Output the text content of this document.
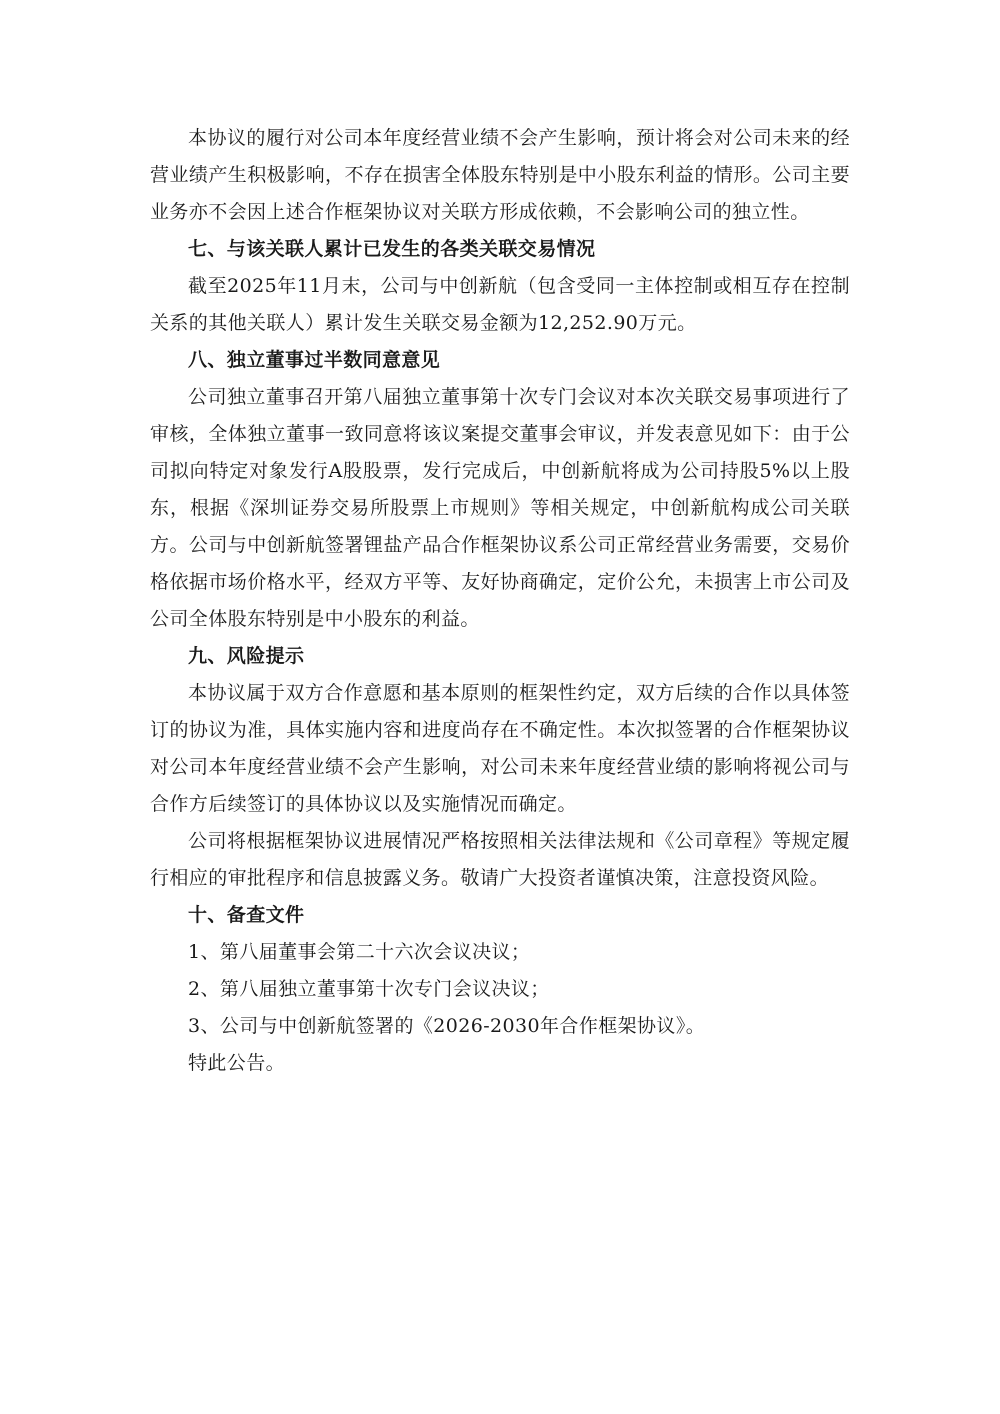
本协议的履行对公司本年度经营业绩不会产生影响，预计将会对公司未来的经营业绩产生积极影响，不存在损害全体股东特别是中小股东利益的情形。公司主要业务亦不会因上述合作框架协议对关联方形成依赖，不会影响公司的独立性。

七、与该关联人累计已发生的各类关联交易情况

截至2025年11月末，公司与中创新航（包含受同一主体控制或相互存在控制关系的其他关联人）累计发生关联交易金额为12,252.90万元。

八、独立董事过半数同意意见

公司独立董事召开第八届独立董事第十次专门会议对本次关联交易事项进行了审核，全体独立董事一致同意将该议案提交董事会审议，并发表意见如下：由于公司拟向特定对象发行A股股票，发行完成后，中创新航将成为公司持股5%以上股东，根据《深圳证券交易所股票上市规则》等相关规定，中创新航构成公司关联方。公司与中创新航签署锂盐产品合作框架协议系公司正常经营业务需要，交易价格依据市场价格水平，经双方平等、友好协商确定，定价公允，未损害上市公司及公司全体股东特别是中小股东的利益。

九、风险提示

本协议属于双方合作意愿和基本原则的框架性约定，双方后续的合作以具体签订的协议为准，具体实施内容和进度尚存在不确定性。本次拟签署的合作框架协议对公司本年度经营业绩不会产生影响，对公司未来年度经营业绩的影响将视公司与合作方后续签订的具体协议以及实施情况而确定。

公司将根据框架协议进展情况严格按照相关法律法规和《公司章程》等规定履行相应的审批程序和信息披露义务。敬请广大投资者谨慎决策，注意投资风险。

十、备查文件

1、第八届董事会第二十六次会议决议；

2、第八届独立董事第十次专门会议决议；

3、公司与中创新航签署的《2026-2030年合作框架协议》。

特此公告。
